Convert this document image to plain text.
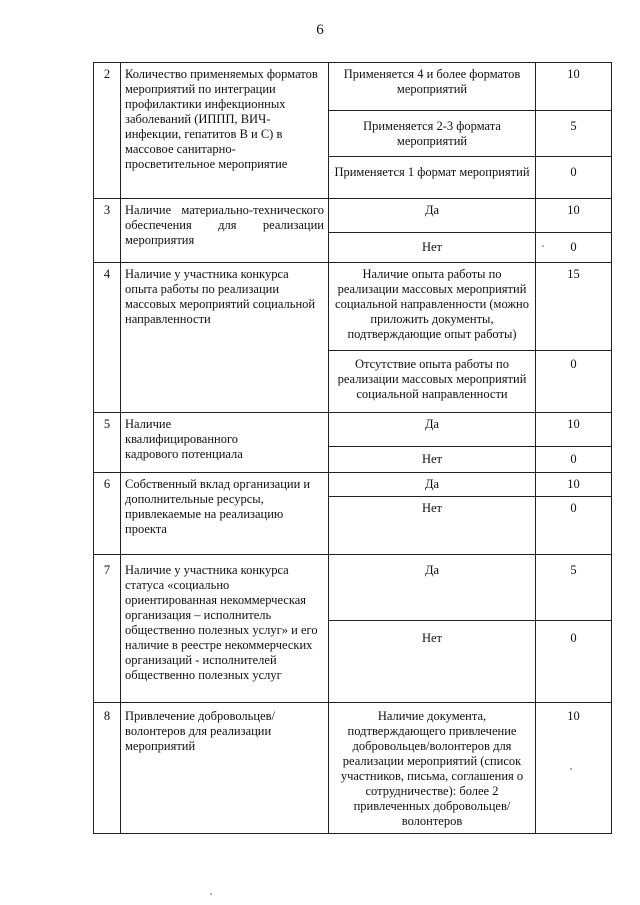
6
2	Количество применяемых форматов мероприятий по интеграции профилактики инфекционных заболеваний (ИППП, ВИЧ-инфекции, гепатитов В и С) в массовое санитарно-просветительное мероприятие	Применяется 4 и более форматов мероприятий	10
		Применяется 2-3 формата мероприятий	5
		Применяется 1 формат мероприятий	0
3	Наличие материально-технического
обеспечения для реализации
мероприятия	Да	10
		Нет	0
4	Наличие у участника конкурса опыта работы по реализации массовых мероприятий социальной направленности	Наличие опыта работы по реализации массовых мероприятий социальной направленности (можно приложить документы, подтверждающие опыт работы)	15
		Отсутствие опыта работы по реализации массовых мероприятий социальной направленности	0
5	Наличие
квалифицированного
кадрового потенциала	Да	10
		Нет	0
6	Собственный вклад организации и дополнительные ресурсы, привлекаемые на реализацию проекта	Да	10
		Нет	0
7	Наличие у участника конкурса статуса «социально ориентированная некоммерческая организация – исполнитель общественно полезных услуг» и его наличие в реестре некоммерческих организаций - исполнителей общественно полезных услуг	Да	5
		Нет	0
8	Привлечение добровольцев/ волонтеров для реализации мероприятий	Наличие документа, подтверждающего привлечение добровольцев/волонтеров для реализации мероприятий (список участников, письма, соглашения о сотрудничестве): более 2 привлеченных добровольцев/волонтеров	10
